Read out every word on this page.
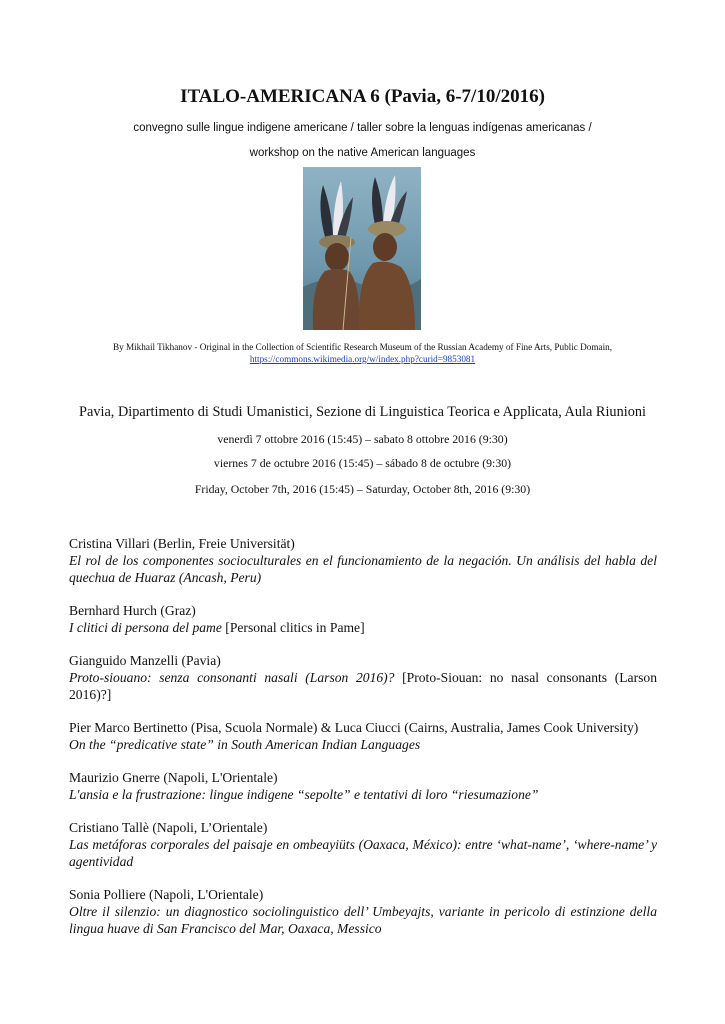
ITALO-AMERICANA 6 (Pavia, 6-7/10/2016)
convegno sulle lingue indigene americane / taller sobre la lenguas indígenas americanas /
workshop on the native American languages
By Mikhail Tikhanov - Original in the Collection of Scientific Research Museum of the Russian Academy of Fine Arts, Public Domain,
https://commons.wikimedia.org/w/index.php?curid=9853081
Pavia, Dipartimento di Studi Umanistici, Sezione di Linguistica Teorica e Applicata, Aula Riunioni
venerdì 7 ottobre 2016 (15:45) – sabato 8 ottobre 2016 (9:30)
viernes 7 de octubre 2016 (15:45) – sábado 8 de octubre (9:30)
Friday, October 7th, 2016 (15:45) – Saturday, October 8th, 2016 (9:30)
Cristina Villari (Berlin, Freie Universität)
El rol de los componentes socioculturales en el funcionamiento de la negación. Un análisis del habla del quechua de Huaraz (Ancash, Peru)
Bernhard Hurch (Graz)
I clitici di persona del pame [Personal clitics in Pame]
Gianguido Manzelli (Pavia)
Proto-siouano: senza consonanti nasali (Larson 2016)? [Proto-Siouan: no nasal consonants (Larson 2016)?]
Pier Marco Bertinetto (Pisa, Scuola Normale) & Luca Ciucci (Cairns, Australia, James Cook University)
On the “predicative state” in South American Indian Languages
Maurizio Gnerre (Napoli, L'Orientale)
L'ansia e la frustrazione: lingue indigene “sepolte” e tentativi di loro “riesumazione”
Cristiano Tallè (Napoli, L’Orientale)
Las metáforas corporales del paisaje en ombeayiüts (Oaxaca, México): entre ‘what-name’, ‘where-name’ y agentividad
Sonia Polliere (Napoli, L'Orientale)
Oltre il silenzio: un diagnostico sociolinguistico dell’ Umbeyajts, variante in pericolo di estinzione della lingua huave di San Francisco del Mar, Oaxaca, Messico
